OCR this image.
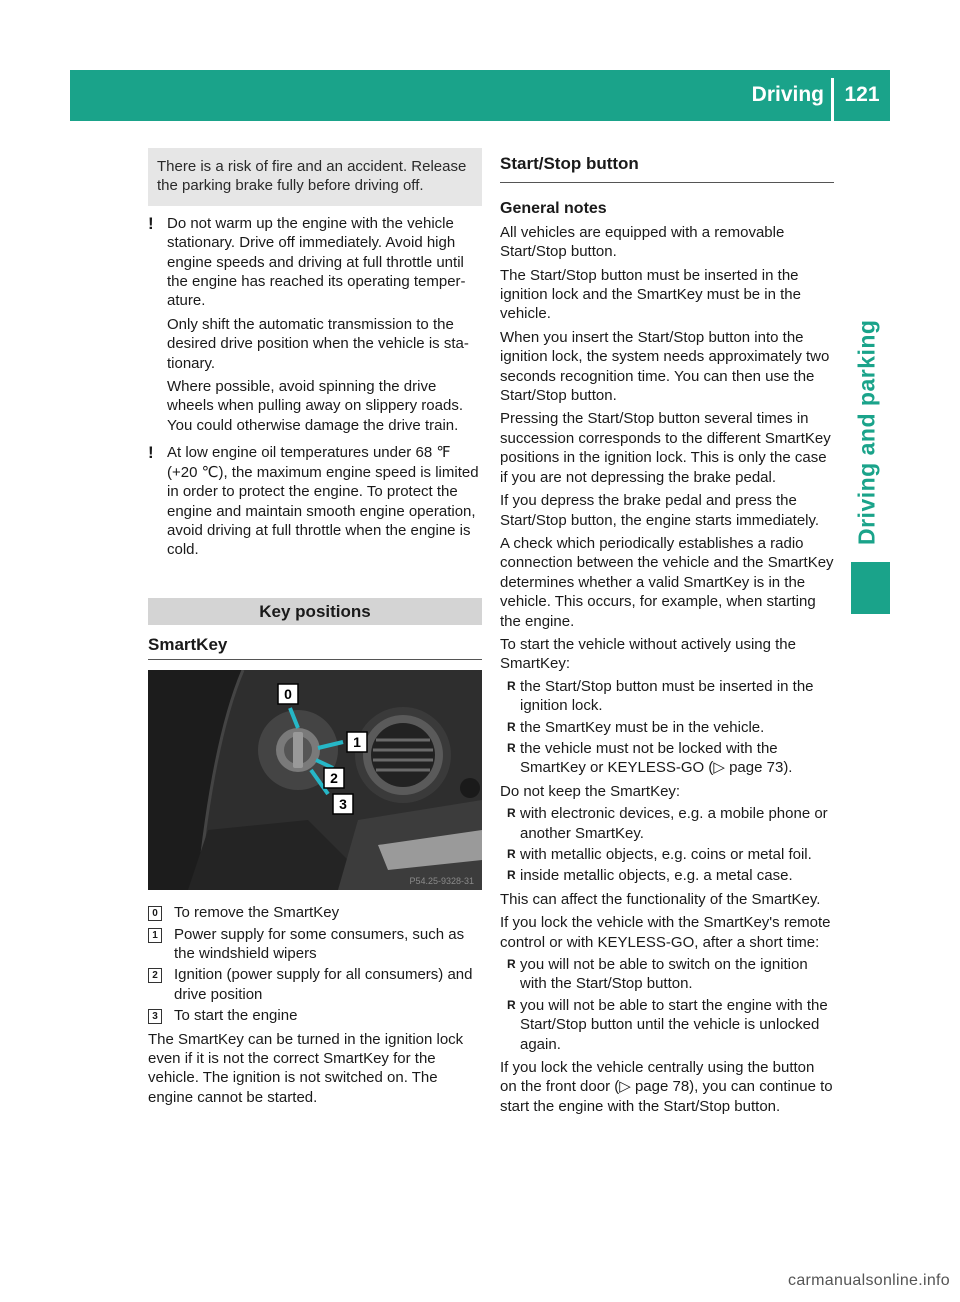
Driving 121
Driving and parking
There is a risk of fire and an accident. Release the parking brake fully before driving off.
! Do not warm up the engine with the vehicle stationary. Drive off immediately. Avoid high engine speeds and driving at full throttle until the engine has reached its operating temperature.

Only shift the automatic transmission to the desired drive position when the vehicle is stationary.

Where possible, avoid spinning the drive wheels when pulling away on slippery roads. You could otherwise damage the drive train.

! At low engine oil temperatures under 68 ℉ (+20 ℃), the maximum engine speed is limited in order to protect the engine. To protect the engine and maintain smooth engine operation, avoid driving at full throttle when the engine is cold.

Key positions
SmartKey
0
1
2
3
P54.25-9328-31
0 To remove the SmartKey
1 Power supply for some consumers, such as the windshield wipers
2 Ignition (power supply for all consumers) and drive position
3 To start the engine

The SmartKey can be turned in the ignition lock even if it is not the correct SmartKey for the vehicle. The ignition is not switched on. The engine cannot be started.

Start/Stop button
General notes

All vehicles are equipped with a removable Start/Stop button.

The Start/Stop button must be inserted in the ignition lock and the SmartKey must be in the vehicle.

When you insert the Start/Stop button into the ignition lock, the system needs approximately two seconds recognition time. You can then use the Start/Stop button.

Pressing the Start/Stop button several times in succession corresponds to the different SmartKey positions in the ignition lock. This is only the case if you are not depressing the brake pedal.

If you depress the brake pedal and press the Start/Stop button, the engine starts immediately.

A check which periodically establishes a radio connection between the vehicle and the SmartKey determines whether a valid SmartKey is in the vehicle. This occurs, for example, when starting the engine.

To start the vehicle without actively using the SmartKey:

R the Start/Stop button must be inserted in the ignition lock.
R the SmartKey must be in the vehicle.
R the vehicle must not be locked with the SmartKey or KEYLESS-GO (▷ page 73).

Do not keep the SmartKey:

R with electronic devices, e.g. a mobile phone or another SmartKey.
R with metallic objects, e.g. coins or metal foil.
R inside metallic objects, e.g. a metal case.

This can affect the functionality of the SmartKey.

If you lock the vehicle with the SmartKey's remote control or with KEYLESS-GO, after a short time:

R you will not be able to switch on the ignition with the Start/Stop button.
R you will not be able to start the engine with the Start/Stop button until the vehicle is unlocked again.

If you lock the vehicle centrally using the button on the front door (▷ page 78), you can continue to start the engine with the Start/Stop button.

carmanualsonline.info
